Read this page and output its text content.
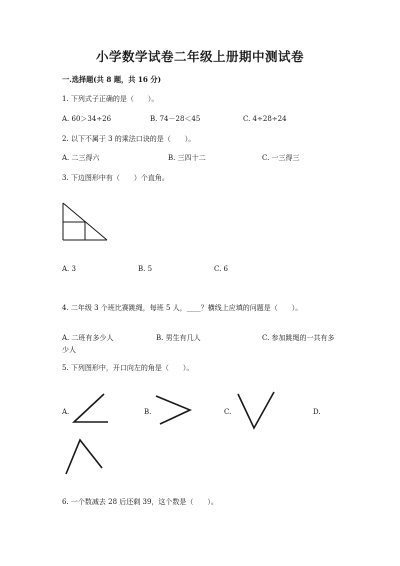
小学数学试卷二年级上册期中测试卷
一.选择题(共 8 题，共 16 分)
1. 下列式子正确的是（　　）。
A. 60＞34÷26	B. 74－28＜45	C. 4÷28÷24
2. 以下不属于 3 的乘法口诀的是（　　）。
A. 二三得六	B. 三四十二	C. 一三得三
3. 下边图形中有（　　）个直角。
A. 3	B. 5	C. 6
4. 二年级 3 个班比赛跳绳，每班 5 人，____？横线上应填的问题是（　　）。
A. 二班有多少人	B. 男生有几人	C. 参加跳绳的一共有多
少人
5. 下列图形中，开口向左的角是（　　）。
A.	B.	C.	D.
6. 一个数减去 28 后还剩 39，这个数是（　　）。
